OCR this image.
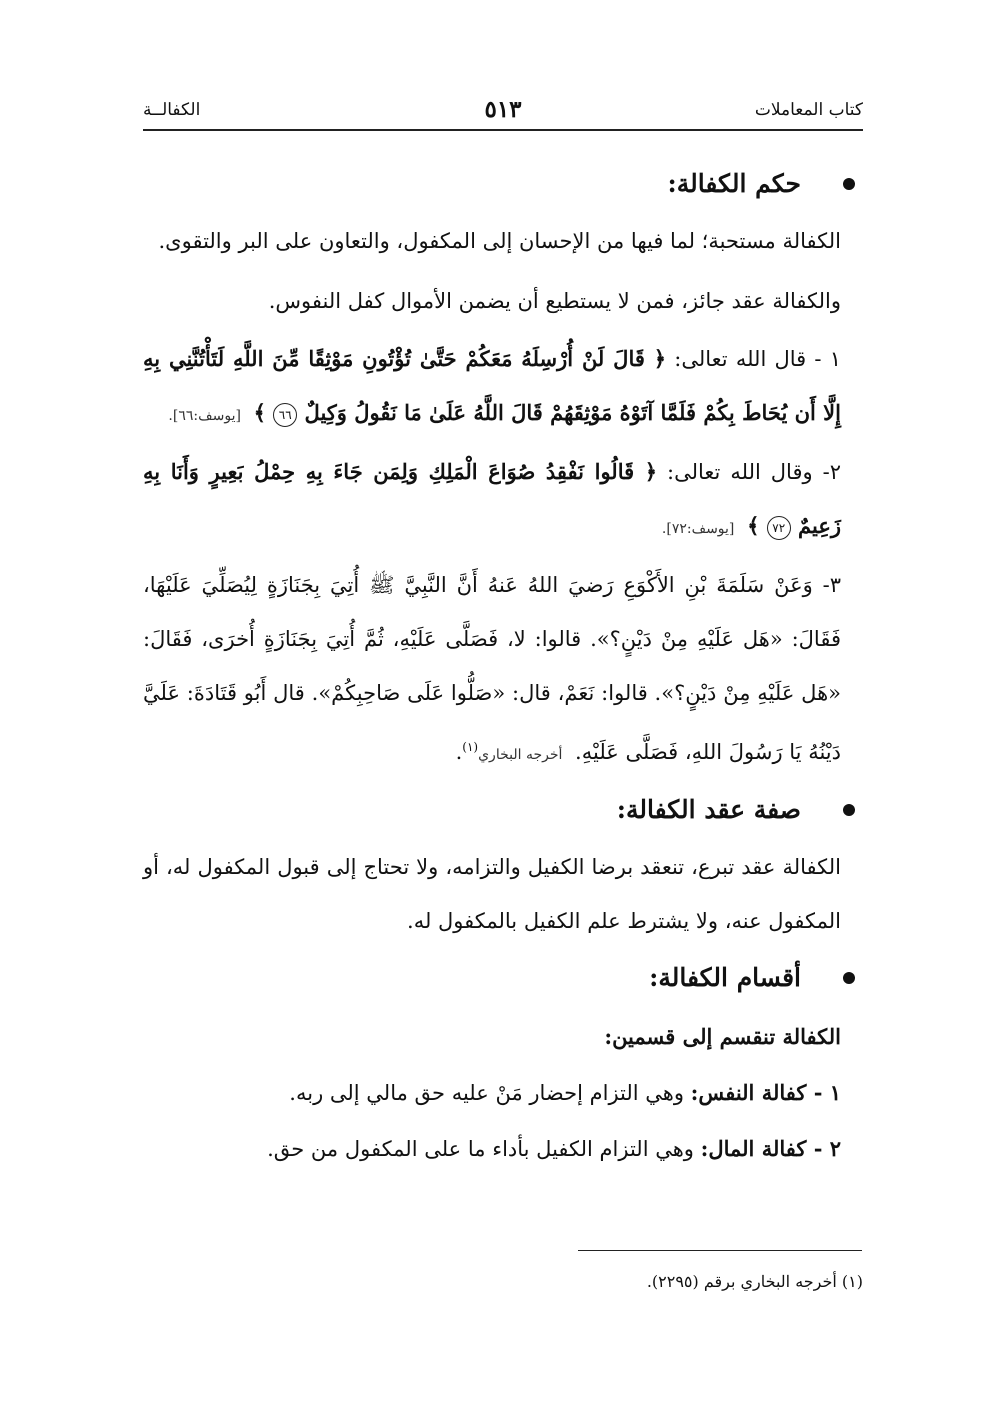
كتاب المعاملات
٥١٣
الكفالــة
حكم الكفالة:

الكفالة مستحبة؛ لما فيها من الإحسان إلى المكفول، والتعاون على البر والتقوى.

والكفالة عقد جائز، فمن لا يستطيع أن يضمن الأموال كفل النفوس.

١ - قال الله تعالى: ﴿ قَالَ لَنْ أُرْسِلَهُ مَعَكُمْ حَتَّىٰ تُؤْتُونِ مَوْثِقًا مِّنَ اللَّهِ لَتَأْتُنَّنِي بِهِ إِلَّا أَن يُحَاطَ بِكُمْ فَلَمَّا آتَوْهُ مَوْثِقَهُمْ قَالَ اللَّهُ عَلَىٰ مَا نَقُولُ وَكِيلٌ ٦٦ ﴾ [يوسف:٦٦].

٢- وقال الله تعالى: ﴿ قَالُوا نَفْقِدُ صُوَاعَ الْمَلِكِ وَلِمَن جَاءَ بِهِ حِمْلُ بَعِيرٍ وَأَنَا بِهِ زَعِيمٌ ٧٢ ﴾ [يوسف:٧٢].

٣- وَعَنْ سَلَمَةَ بْنِ الأَكْوَعِ رَضيَ اللهُ عَنهُ أَنَّ النَّبِيَّ ﷺ أُتِيَ بِجَنَازَةٍ لِيُصَلِّيَ عَلَيْهَا، فَقَالَ: «هَل عَلَيْهِ مِنْ دَيْنٍ؟». قالوا: لا، فَصَلَّى عَلَيْهِ، ثُمَّ أُتِيَ بِجَنَازَةٍ أُخرَى، فَقَالَ: «هَل عَلَيْهِ مِنْ دَيْنٍ؟». قالوا: نَعَمْ، قال: «صَلُّوا عَلَى صَاحِبِكُمْ». قال أَبُو قَتَادَةَ: عَلَيَّ دَيْنُهُ يَا رَسُولَ اللهِ، فَصَلَّى عَلَيْهِ. أخرجه البخاري$^{(١)}$.

صفة عقد الكفالة:

الكفالة عقد تبرع، تنعقد برضا الكفيل والتزامه، ولا تحتاج إلى قبول المكفول له، أو المكفول عنه، ولا يشترط علم الكفيل بالمكفول له.

أقسام الكفالة:
الكفالة تنقسم إلى قسمين:

١ - كفالة النفس: وهي التزام إحضار مَنْ عليه حق مالي إلى ربه.

٢ - كفالة المال: وهي التزام الكفيل بأداء ما على المكفول من حق.

(١) أخرجه البخاري برقم (٢٢٩٥).
